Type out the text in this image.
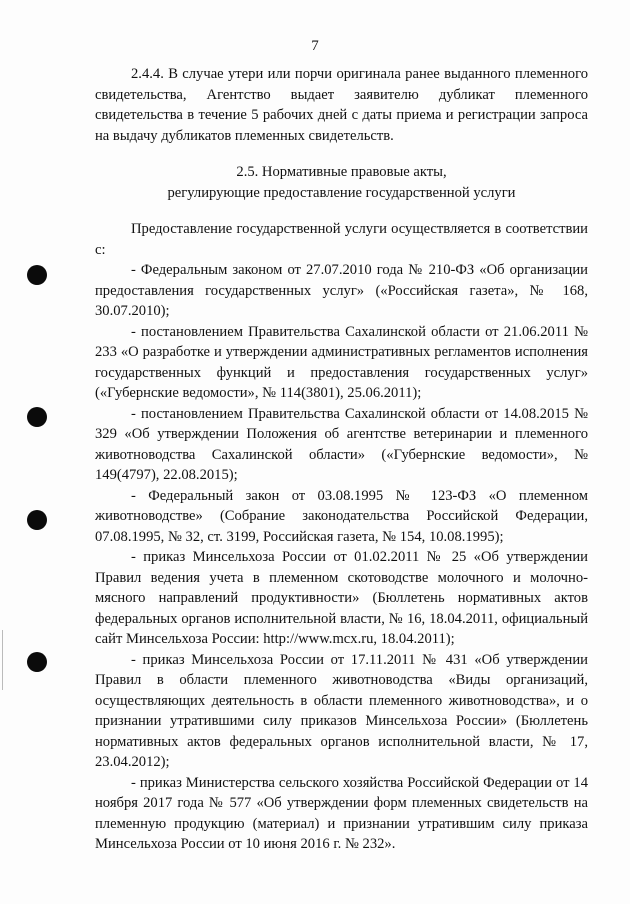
7

2.4.4. В случае утери или порчи оригинала ранее выданного племенного свидетельства, Агентство выдает заявителю дубликат племенного свидетельства в течение 5 рабочих дней с даты приема и регистрации запроса на выдачу дубликатов племенных свидетельств.

2.5. Нормативные правовые акты,

регулирующие предоставление государственной услуги

Предоставление государственной услуги осуществляется в соответствии с:

- Федеральным законом от 27.07.2010 года № 210-ФЗ «Об организации предоставления государственных услуг» («Российская газета», № 168, 30.07.2010);

- постановлением Правительства Сахалинской области от 21.06.2011 № 233 «О разработке и утверждении административных регламентов исполнения государственных функций и предоставления государственных услуг» («Губернские ведомости», № 114(3801), 25.06.2011);

- постановлением Правительства Сахалинской области от 14.08.2015 № 329 «Об утверждении Положения об агентстве ветеринарии и племенного животноводства Сахалинской области» («Губернские ведомости», № 149(4797), 22.08.2015);

- Федеральный закон от 03.08.1995 № 123-ФЗ «О племенном животноводстве» (Собрание законодательства Российской Федерации, 07.08.1995, № 32, ст. 3199, Российская газета, № 154, 10.08.1995);

- приказ Минсельхоза России от 01.02.2011 № 25 «Об утверждении Правил ведения учета в племенном скотоводстве молочного и молочно-мясного направлений продуктивности» (Бюллетень нормативных актов федеральных органов исполнительной власти, № 16, 18.04.2011, официальный сайт Минсельхоза России: http://www.mcx.ru, 18.04.2011);

- приказ Минсельхоза России от 17.11.2011 № 431 «Об утверждении Правил в области племенного животноводства «Виды организаций, осуществляющих деятельность в области племенного животноводства», и о признании утратившими силу приказов Минсельхоза России» (Бюллетень нормативных актов федеральных органов исполнительной власти, № 17, 23.04.2012);

- приказ Министерства сельского хозяйства Российской Федерации от 14 ноября 2017 года № 577 «Об утверждении форм племенных свидетельств на племенную продукцию (материал) и признании утратившим силу приказа Минсельхоза России от 10 июня 2016 г. № 232».
